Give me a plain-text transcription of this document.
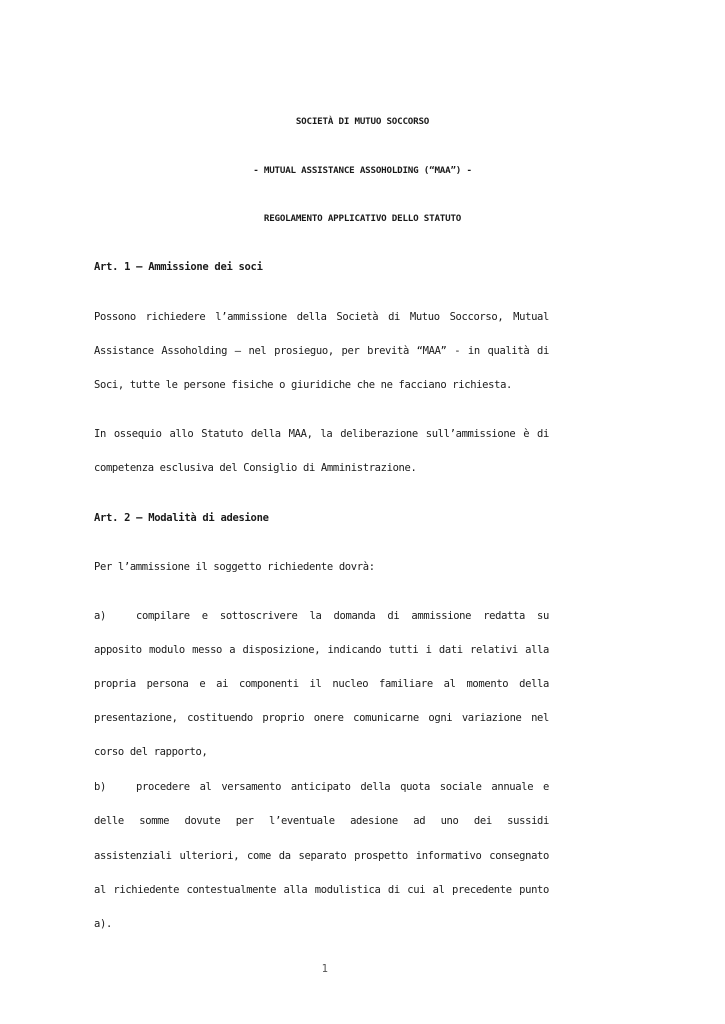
SOCIETÀ DI MUTUO SOCCORSO
- MUTUAL ASSISTANCE ASSOHOLDING (“MAA”) -
REGOLAMENTO APPLICATIVO DELLO STATUTO
Art. 1 – Ammissione dei soci
Possono richiedere l’ammissione della Società di Mutuo Soccorso, Mutual
Assistance Assoholding – nel prosieguo, per brevità “MAA” - in qualità di
Soci, tutte le persone fisiche o giuridiche che ne facciano richiesta.
In ossequio allo Statuto della MAA, la deliberazione sull’ammissione è di
competenza esclusiva del Consiglio di Amministrazione.
Art. 2 – Modalità di adesione
Per l’ammissione il soggetto richiedente dovrà:
a)	compilare e sottoscrivere la domanda di ammissione redatta su
apposito modulo messo a disposizione, indicando tutti i dati relativi alla
propria persona e ai componenti il nucleo familiare al momento della
presentazione, costituendo proprio onere comunicarne ogni variazione nel
corso del rapporto,
b)	procedere al versamento anticipato della quota sociale annuale e
delle somme dovute per l’eventuale adesione ad uno dei sussidi
assistenziali ulteriori, come da separato prospetto informativo consegnato
al richiedente contestualmente alla modulistica di cui al precedente punto
a).
1
